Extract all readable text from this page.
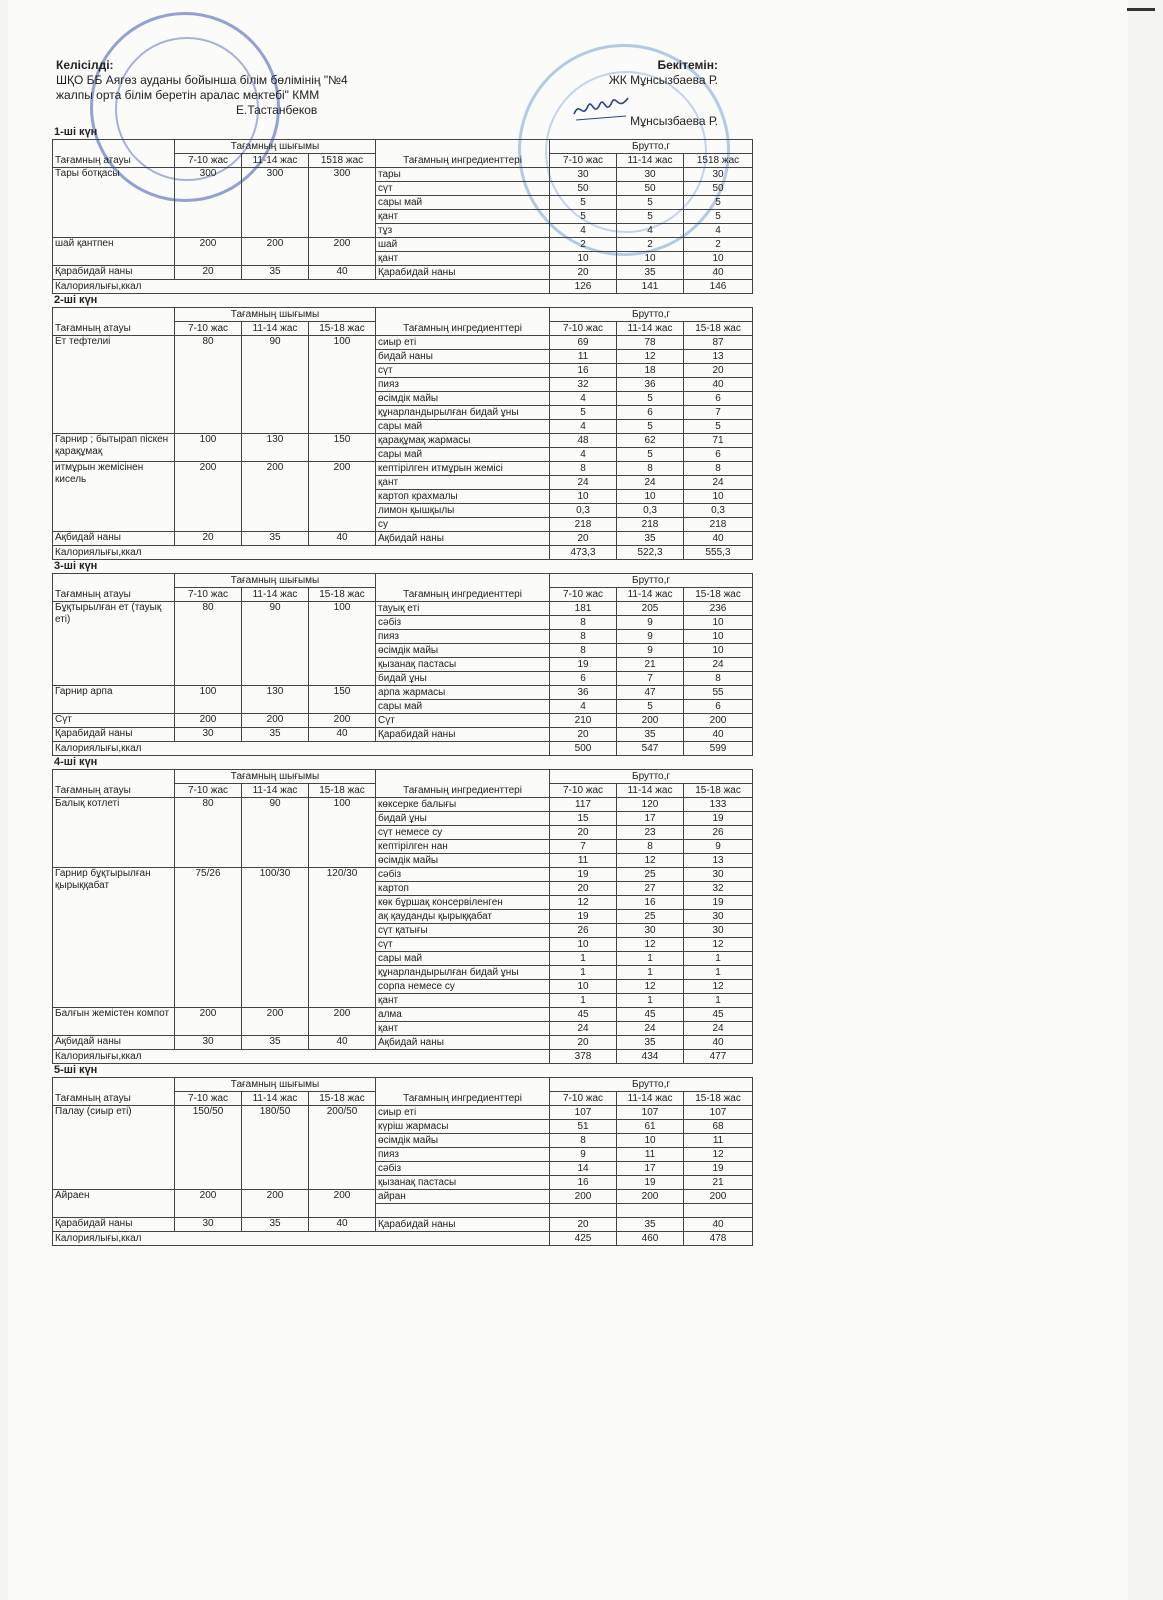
Келісілді:
ШҚО ББ Аягөз ауданы бойынша білім бөлімінің "№4
жалпы орта білім беретін аралас мектебі" КММ
Е.Тастанбеков
Бекітемін:
ЖК Мұнсызбаева Р.
Мұнсызбаева Р.
1-ші күн
Тағамның атауы	Тағамның шығымы			Тағамның ингредиенттері	Брутто,г		
	7-10 жас	11-14 жас	1518 жас		7-10 жас	11-14 жас	1518 жас
Тары ботқасы	300	300	300	тары	30	30	30
				сүт	50	50	50
				сары май	5	5	5
				қант	5	5	5
				тұз	4	4	4
шай қантпен	200	200	200	шай	2	2	2
				қант	10	10	10
Қарабидай наны	20	35	40	Қарабидай наны	20	35	40
Калориялығы,ккал					126	141	146
2-ші күн
Тағамның атауы	Тағамның шығымы			Тағамның ингредиенттері	Брутто,г		
	7-10 жас	11-14 жас	15-18 жас		7-10 жас	11-14 жас	15-18 жас
Ет тефтелиі	80	90	100	сиыр еті	69	78	87
				бидай наны	11	12	13
				сүт	16	18	20
				пияз	32	36	40
				өсімдік майы	4	5	6
				құнарландырылған бидай ұны	5	6	7
				сары май	4	5	5
Гарнир ; бытырап піскен қарақұмақ	100	130	150	қарақұмақ жармасы	48	62	71
				сары май	4	5	6
итмұрын жемісінен кисель	200	200	200	кептірілген итмұрын жемісі	8	8	8
				қант	24	24	24
				картоп крахмалы	10	10	10
				лимон қышқылы	0,3	0,3	0,3
				су	218	218	218
Ақбидай наны	20	35	40	Ақбидай наны	20	35	40
Калориялығы,ккал					473,3	522,3	555,3
3-ші күн
Тағамның атауы	Тағамның шығымы			Тағамның ингредиенттері	Брутто,г		
	7-10 жас	11-14 жас	15-18 жас		7-10 жас	11-14 жас	15-18 жас
Бұқтырылған ет (тауық еті)	80	90	100	тауық еті	181	205	236
				сәбіз	8	9	10
				пияз	8	9	10
				өсімдік майы	8	9	10
				қызанақ пастасы	19	21	24
				бидай ұны	6	7	8
Гарнир арпа	100	130	150	арпа жармасы	36	47	55
				сары май	4	5	6
Сүт	200	200	200	Сүт	210	200	200
Қарабидай наны	30	35	40	Қарабидай наны	20	35	40
Калориялығы,ккал					500	547	599
4-ші күн
Тағамның атауы	Тағамның шығымы			Тағамның ингредиенттері	Брутто,г		
	7-10 жас	11-14 жас	15-18 жас		7-10 жас	11-14 жас	15-18 жас
Балық котлеті	80	90	100	көксеркe балығы	117	120	133
				бидай ұны	15	17	19
				сүт немесе су	20	23	26
				кептірілген нан	7	8	9
				өсімдік майы	11	12	13
Гарнир бұқтырылған қырыққабат	75/26	100/30	120/30	сәбіз	19	25	30
				картоп	20	27	32
				көк бұршақ консервіленген	12	16	19
				ақ қауданды қырыққабат	19	25	30
				сүт қатығы	26	30	30
				сүт	10	12	12
				сары май	1	1	1
				құнарландырылған бидай ұны	1	1	1
				сорпа немесе су	10	12	12
				қант	1	1	1
Балғын жемістен компот	200	200	200	алма	45	45	45
				қант	24	24	24
Ақбидай наны	30	35	40	Ақбидай наны	20	35	40
Калориялығы,ккал					378	434	477
5-ші күн
Тағамның атауы	Тағамның шығымы			Тағамның ингредиенттері	Брутто,г		
	7-10 жас	11-14 жас	15-18 жас		7-10 жас	11-14 жас	15-18 жас
Палау (сиыр еті)	150/50	180/50	200/50	сиыр еті	107	107	107
				күріш жармасы	51	61	68
				өсімдік майы	8	10	11
				пияз	9	11	12
				сәбіз	14	17	19
				қызанақ пастасы	16	19	21
Айраен	200	200	200	айран	200	200	200

Қарабидай наны	30	35	40	Қарабидай наны	20	35	40
Калориялығы,ккал					425	460	478
